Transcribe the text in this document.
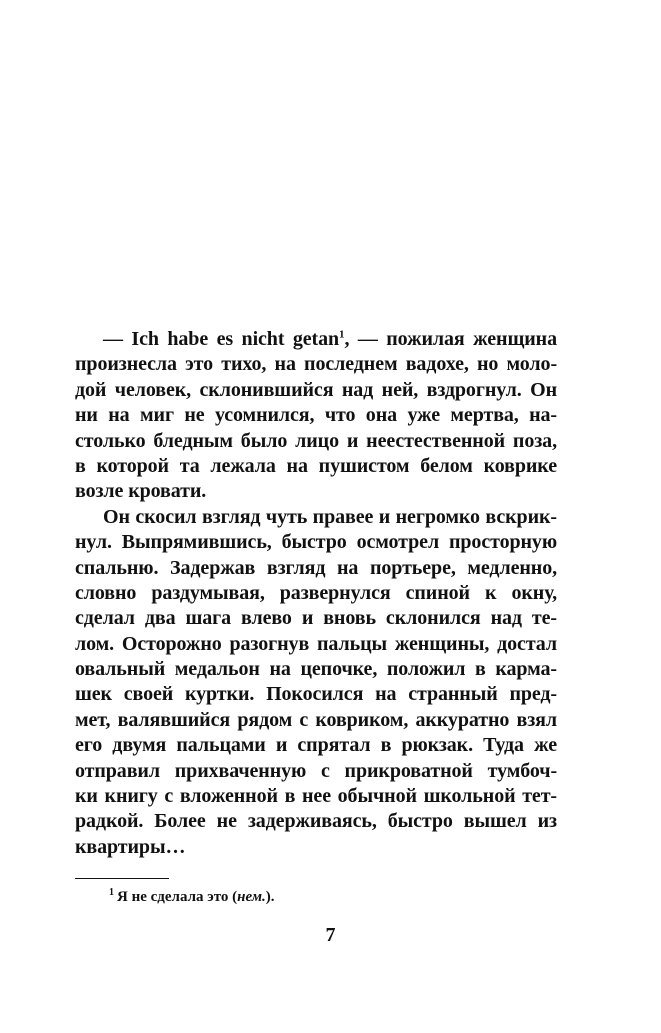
— Ich habe es nicht getan$^1$, — пожилая женщина
произнесла это тихо, на последнем вадохе, но моло-
дой человек, склонившийся над ней, вздрогнул. Он
ни на миг не усомнился, что она уже мертва, на-
столько бледным было лицо и неестественной поза,
в которой та лежала на пушистом белом коврике
возле кровати.

Он скосил взгляд чуть правее и негромко вскрик-
нул. Выпрямившись, быстро осмотрел просторную
спальню. Задержав взгляд на портьере, медленно,
словно раздумывая, развернулся спиной к окну,
сделал два шага влево и вновь склонился над те-
лом. Осторожно разогнув пальцы женщины, достал
овальный медальон на цепочке, положил в карма-
шек своей куртки. Покосился на странный пред-
мет, валявшийся рядом с ковриком, аккуратно взял
его двумя пальцами и спрятал в рюкзак. Туда же
отправил прихваченную с прикроватной тумбоч-
ки книгу с вложенной в нее обычной школьной тет-
радкой. Более не задерживаясь, быстро вышел из
квартиры…

$^1$ Я не сделала это (нем.).
7
